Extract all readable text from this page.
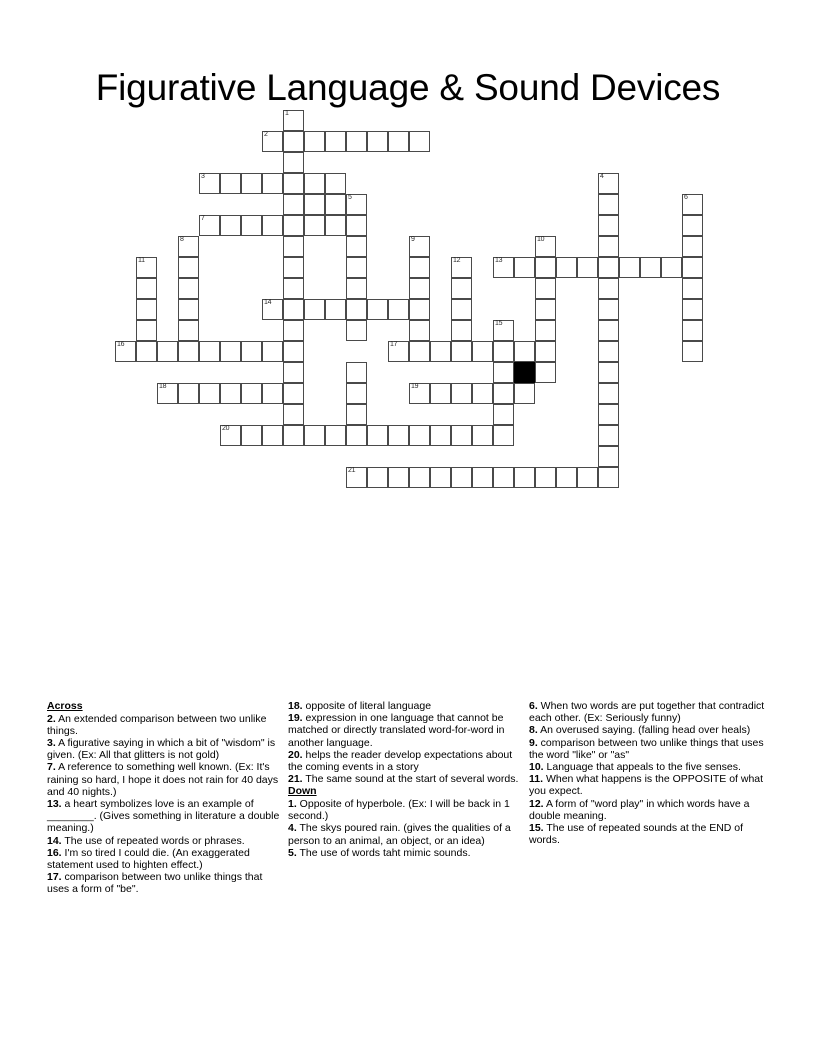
Figurative Language & Sound Devices
1
2
3	4
5	6
7
8	9	10
11	12	13
14
15
16	17
18	19
20
21
Across
2. An extended comparison between two unlike things.
3. A figurative saying in which a bit of "wisdom" is given. (Ex: All that glitters is not gold)
7. A reference to something well known. (Ex: It's raining so hard, I hope it does not rain for 40 days and 40 nights.)
13. a heart symbolizes love is an example of ________. (Gives something in literature a double meaning.)
14. The use of repeated words or phrases.
16. I'm so tired I could die. (An exaggerated statement used to highten effect.)
17. comparison between two unlike things that uses a form of "be".
18. opposite of literal language
19. expression in one language that cannot be matched or directly translated word-for-word in another language.
20. helps the reader develop expectations about the coming events in a story
21. The same sound at the start of several words.
Down
1. Opposite of hyperbole. (Ex: I will be back in 1 second.)
4. The skys poured rain. (gives the qualities of a person to an animal, an object, or an idea)
5. The use of words taht mimic sounds.
6. When two words are put together that contradict each other. (Ex: Seriously funny)
8. An overused saying. (falling head over heals)
9. comparison between two unlike things that uses the word "like" or "as"
10. Language that appeals to the five senses.
11. When what happens is the OPPOSITE of what you expect.
12. A form of "word play" in which words have a double meaning.
15. The use of repeated sounds at the END of words.
